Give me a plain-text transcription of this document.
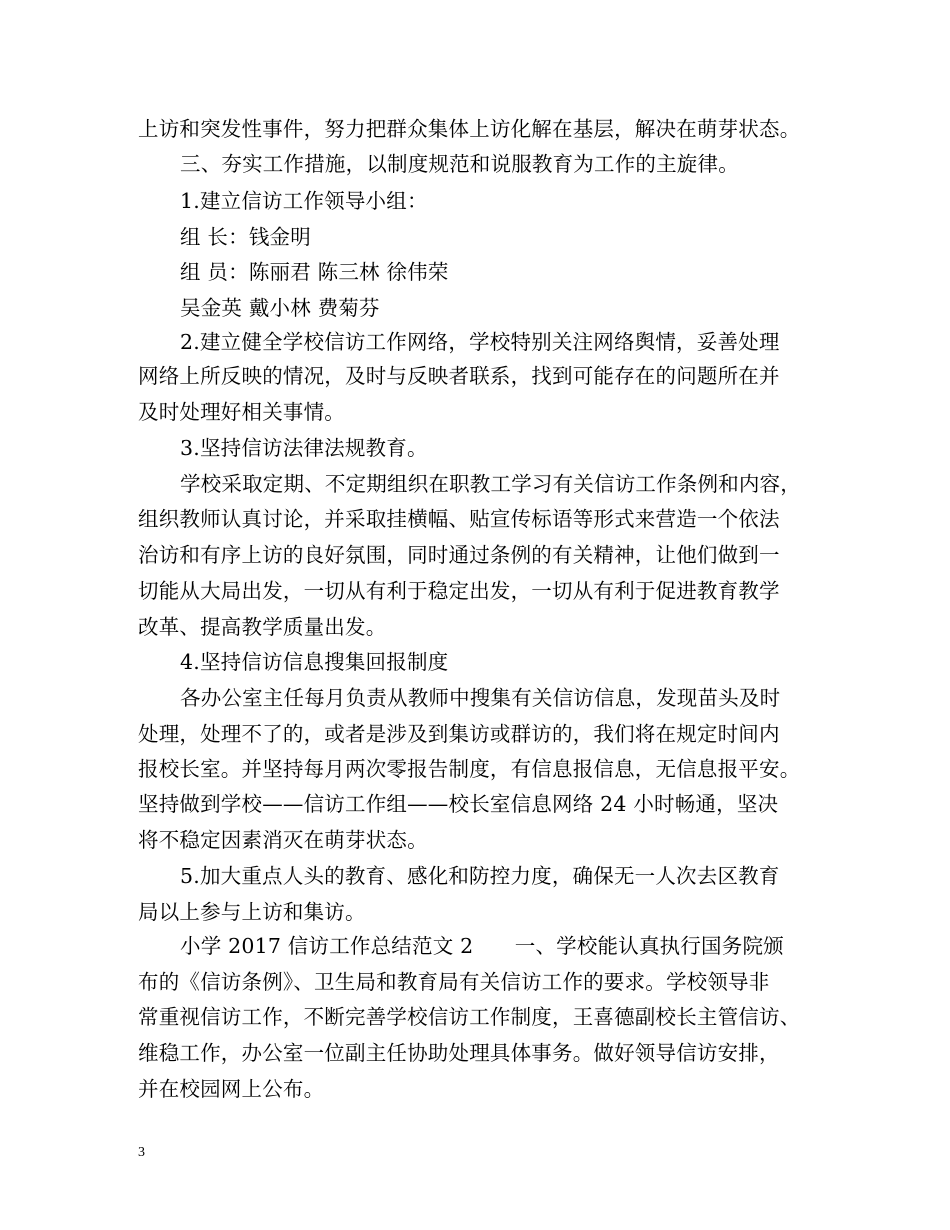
上访和突发性事件，努力把群众集体上访化解在基层，解决在萌芽状态。
三、夯实工作措施，以制度规范和说服教育为工作的主旋律。
1.建立信访工作领导小组：
组 长：钱金明
组 员：陈丽君 陈三林 徐伟荣
吴金英 戴小林 费菊芬
2.建立健全学校信访工作网络，学校特别关注网络舆情，妥善处理
网络上所反映的情况，及时与反映者联系，找到可能存在的问题所在并
及时处理好相关事情。
3.坚持信访法律法规教育。
学校采取定期、不定期组织在职教工学习有关信访工作条例和内容，
组织教师认真讨论，并采取挂横幅、贴宣传标语等形式来营造一个依法
治访和有序上访的良好氛围，同时通过条例的有关精神，让他们做到一
切能从大局出发，一切从有利于稳定出发，一切从有利于促进教育教学
改革、提高教学质量出发。
4.坚持信访信息搜集回报制度
各办公室主任每月负责从教师中搜集有关信访信息，发现苗头及时
处理，处理不了的，或者是涉及到集访或群访的，我们将在规定时间内
报校长室。并坚持每月两次零报告制度，有信息报信息，无信息报平安。
坚持做到学校——信访工作组——校长室信息网络 24 小时畅通，坚决
将不稳定因素消灭在萌芽状态。
5.加大重点人头的教育、感化和防控力度，确保无一人次去区教育
局以上参与上访和集访。
小学 2017 信访工作总结范文 2　　一、学校能认真执行国务院颁
布的《信访条例》、卫生局和教育局有关信访工作的要求。学校领导非
常重视信访工作，不断完善学校信访工作制度，王喜德副校长主管信访、
维稳工作，办公室一位副主任协助处理具体事务。做好领导信访安排，
并在校园网上公布。
3
